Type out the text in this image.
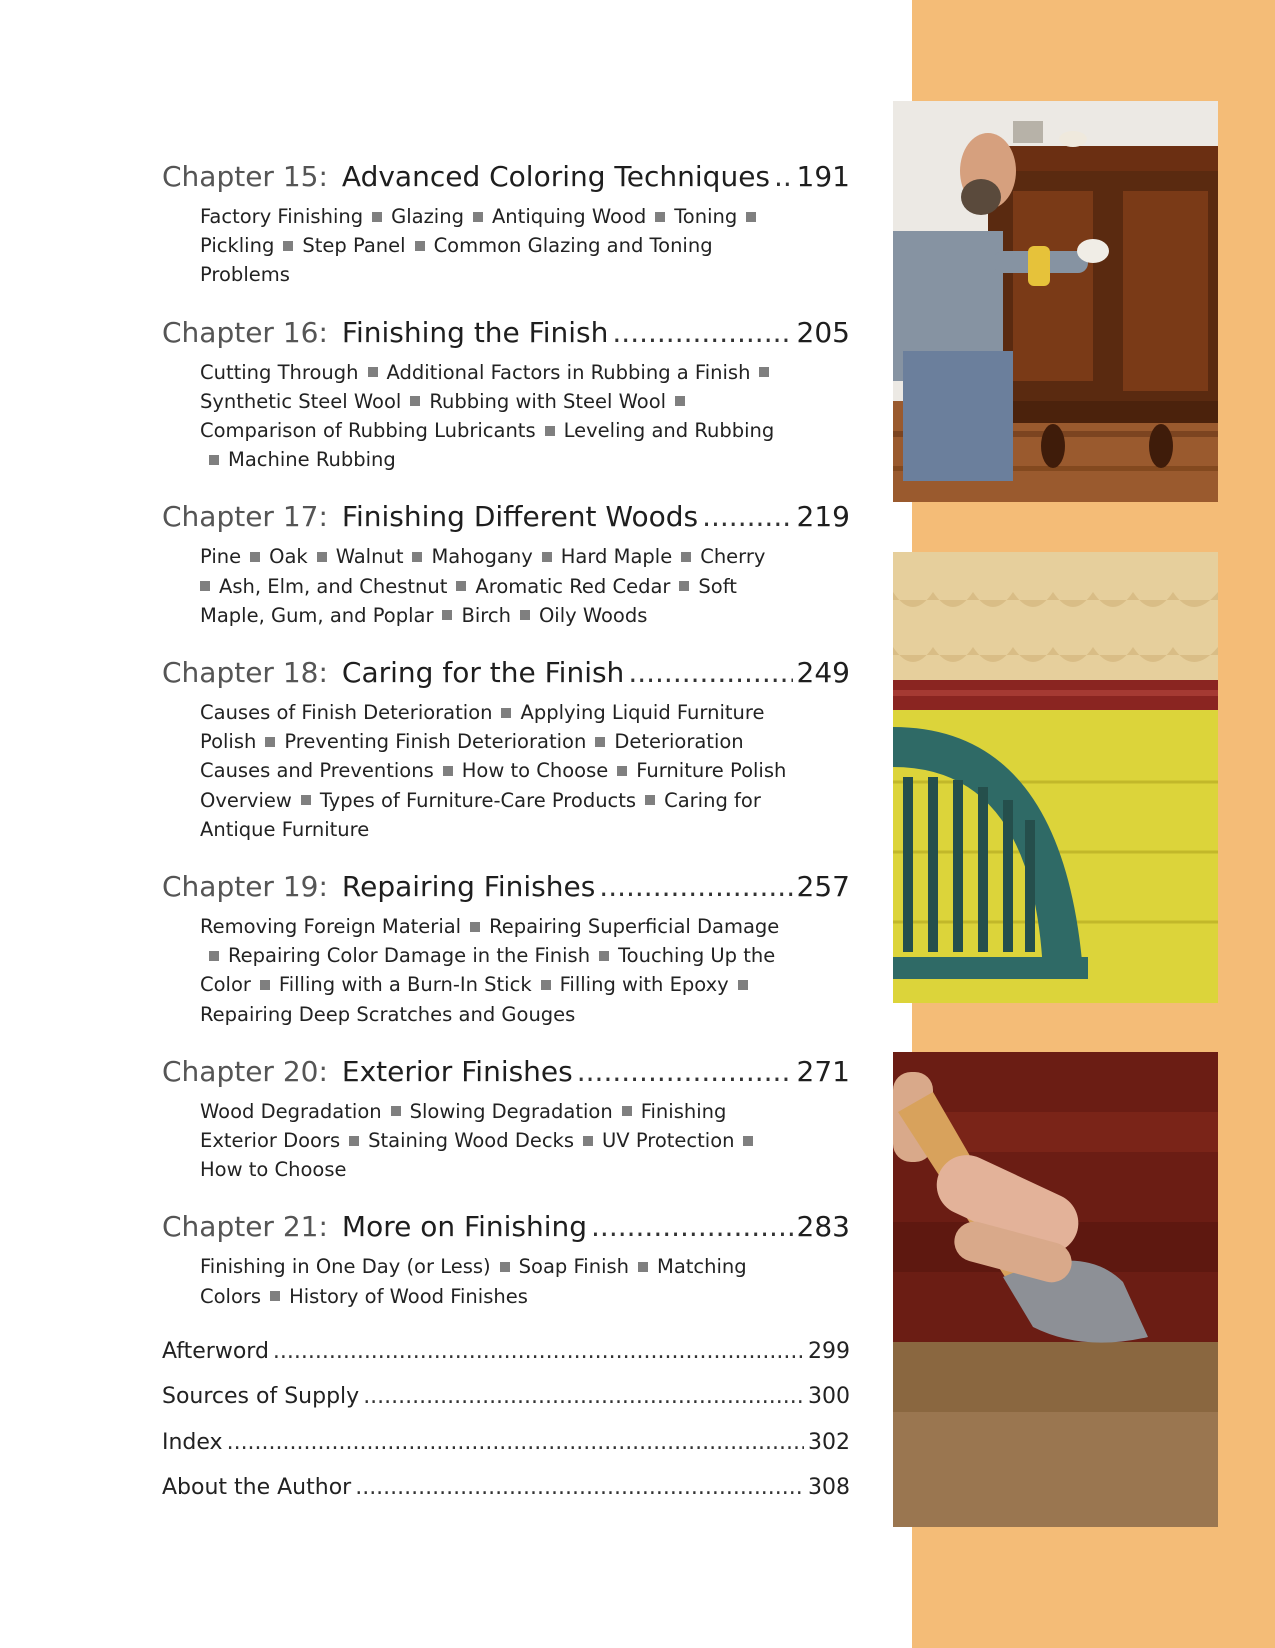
Chapter 15: Advanced Coloring Techniques ..... 191
Factory Finishing Glazing Antiquing Wood Toning
Pickling Step Panel Common Glazing and Toning Problems
Chapter 16: Finishing the Finish .....	205
Cutting Through Additional Factors in Rubbing a Finish
Synthetic Steel Wool Rubbing with Steel WoolComparison of Rubbing Lubricants Leveling and RubbingMachine Rubbing
Chapter 17: Finishing Different Woods .....	219
Pine Oak Walnut Mahogany Hard Maple Cherry
Ash, Elm, and Chestnut Aromatic Red Cedar Soft Maple, Gum, and Poplar Birch Oily Woods
Chapter 18: Caring for the Finish .....	249
Causes of Finish Deterioration Applying Liquid Furniture Polish Preventing Finish Deterioration Deterioration Causes and Preventions How to Choose Furniture Polish Overview Types of Furniture-Care Products Caring for Antique Furniture
Chapter 19: Repairing Finishes .....	257
Removing Foreign Material Repairing Superficial DamageRepairing Color Damage in the Finish Touching Up the Color Filling with a Burn-In Stick Filling with EpoxyRepairing Deep Scratches and Gouges
Chapter 20: Exterior Finishes .....	271
Wood Degradation Slowing Degradation Finishing Exterior Doors Staining Wood Decks UV Protection
How to Choose
Chapter 21: More on Finishing .....	283
Finishing in One Day (or Less) Soap Finish Matching Colors History of Wood Finishes
Afterword .....	299
Sources of Supply .....	300
Index .....	302
About the Author .....	308
